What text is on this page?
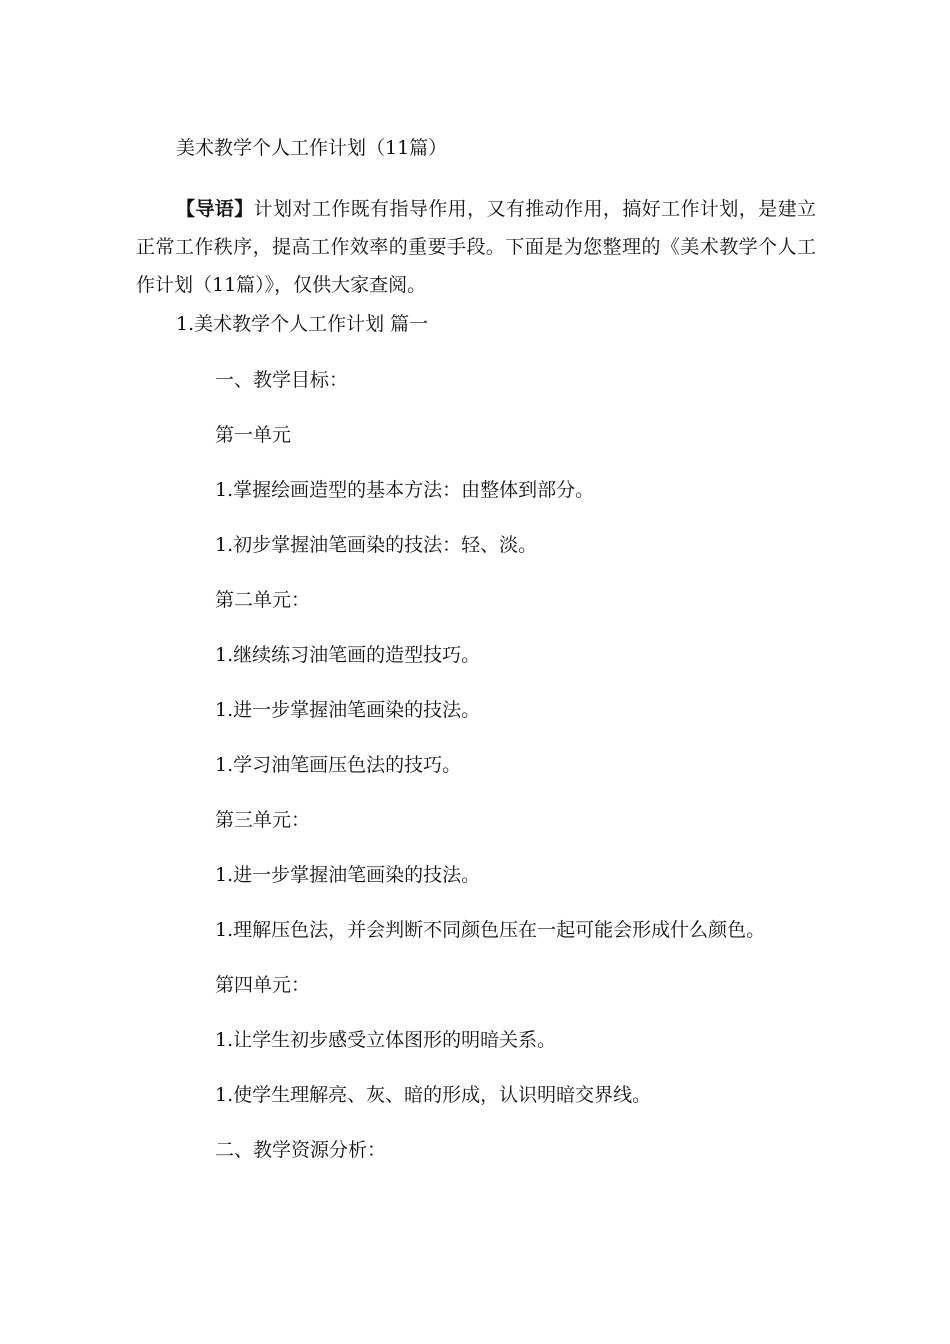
美术教学个人工作计划（11篇）
【导语】计划对工作既有指导作用，又有推动作用，搞好工作计划，是建立正常工作秩序，提高工作效率的重要手段。下面是为您整理的《美术教学个人工作计划（11篇）》，仅供大家查阅。
1.美术教学个人工作计划 篇一
一、教学目标：
第一单元
1.掌握绘画造型的基本方法：由整体到部分。
1.初步掌握油笔画染的技法：轻、淡。
第二单元：
1.继续练习油笔画的造型技巧。
1.进一步掌握油笔画染的技法。
1.学习油笔画压色法的技巧。
第三单元：
1.进一步掌握油笔画染的技法。
1.理解压色法，并会判断不同颜色压在一起可能会形成什么颜色。
第四单元：
1.让学生初步感受立体图形的明暗关系。
1.使学生理解亮、灰、暗的形成，认识明暗交界线。
二、教学资源分析：
